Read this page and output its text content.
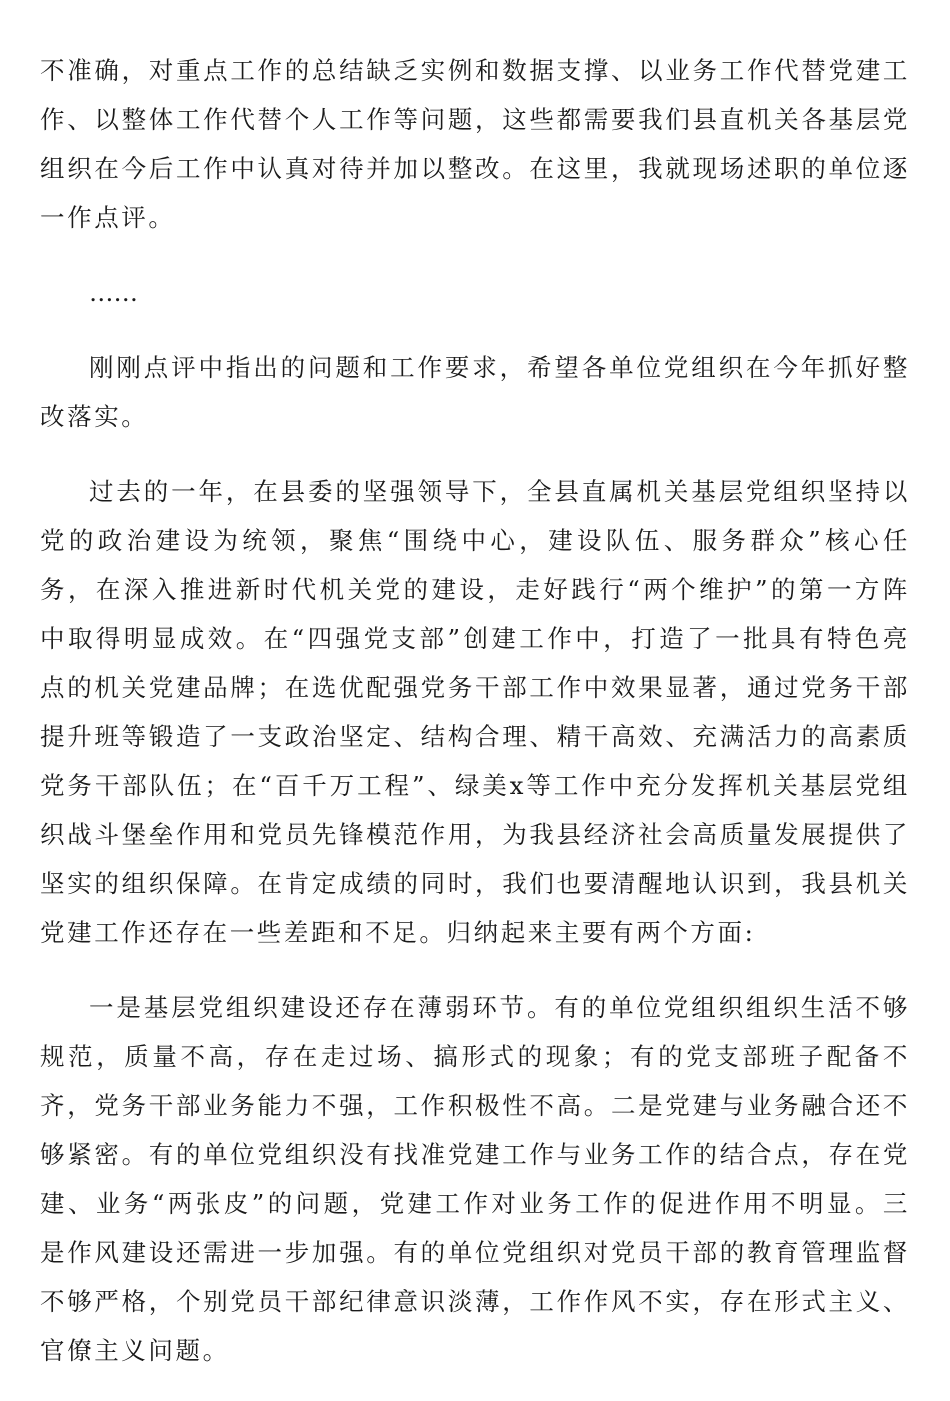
不准确，对重点工作的总结缺乏实例和数据支撑、以业务工作代替党建工作、以整体工作代替个人工作等问题，这些都需要我们县直机关各基层党组织在今后工作中认真对待并加以整改。在这里，我就现场述职的单位逐一作点评。

……

刚刚点评中指出的问题和工作要求，希望各单位党组织在今年抓好整改落实。

过去的一年，在县委的坚强领导下，全县直属机关基层党组织坚持以党的政治建设为统领，聚焦“围绕中心，建设队伍、服务群众”核心任务，在深入推进新时代机关党的建设，走好践行“两个维护”的第一方阵中取得明显成效。在“四强党支部”创建工作中，打造了一批具有特色亮点的机关党建品牌；在选优配强党务干部工作中效果显著，通过党务干部提升班等锻造了一支政治坚定、结构合理、精干高效、充满活力的高素质党务干部队伍；在“百千万工程”、绿美x等工作中充分发挥机关基层党组织战斗堡垒作用和党员先锋模范作用，为我县经济社会高质量发展提供了坚实的组织保障。在肯定成绩的同时，我们也要清醒地认识到，我县机关党建工作还存在一些差距和不足。归纳起来主要有两个方面:

一是基层党组织建设还存在薄弱环节。有的单位党组织组织生活不够规范，质量不高，存在走过场、搞形式的现象；有的党支部班子配备不齐，党务干部业务能力不强，工作积极性不高。二是党建与业务融合还不够紧密。有的单位党组织没有找准党建工作与业务工作的结合点，存在党建、业务“两张皮”的问题，党建工作对业务工作的促进作用不明显。三是作风建设还需进一步加强。有的单位党组织对党员干部的教育管理监督不够严格，个别党员干部纪律意识淡薄，工作作风不实，存在形式主义、官僚主义问题。
